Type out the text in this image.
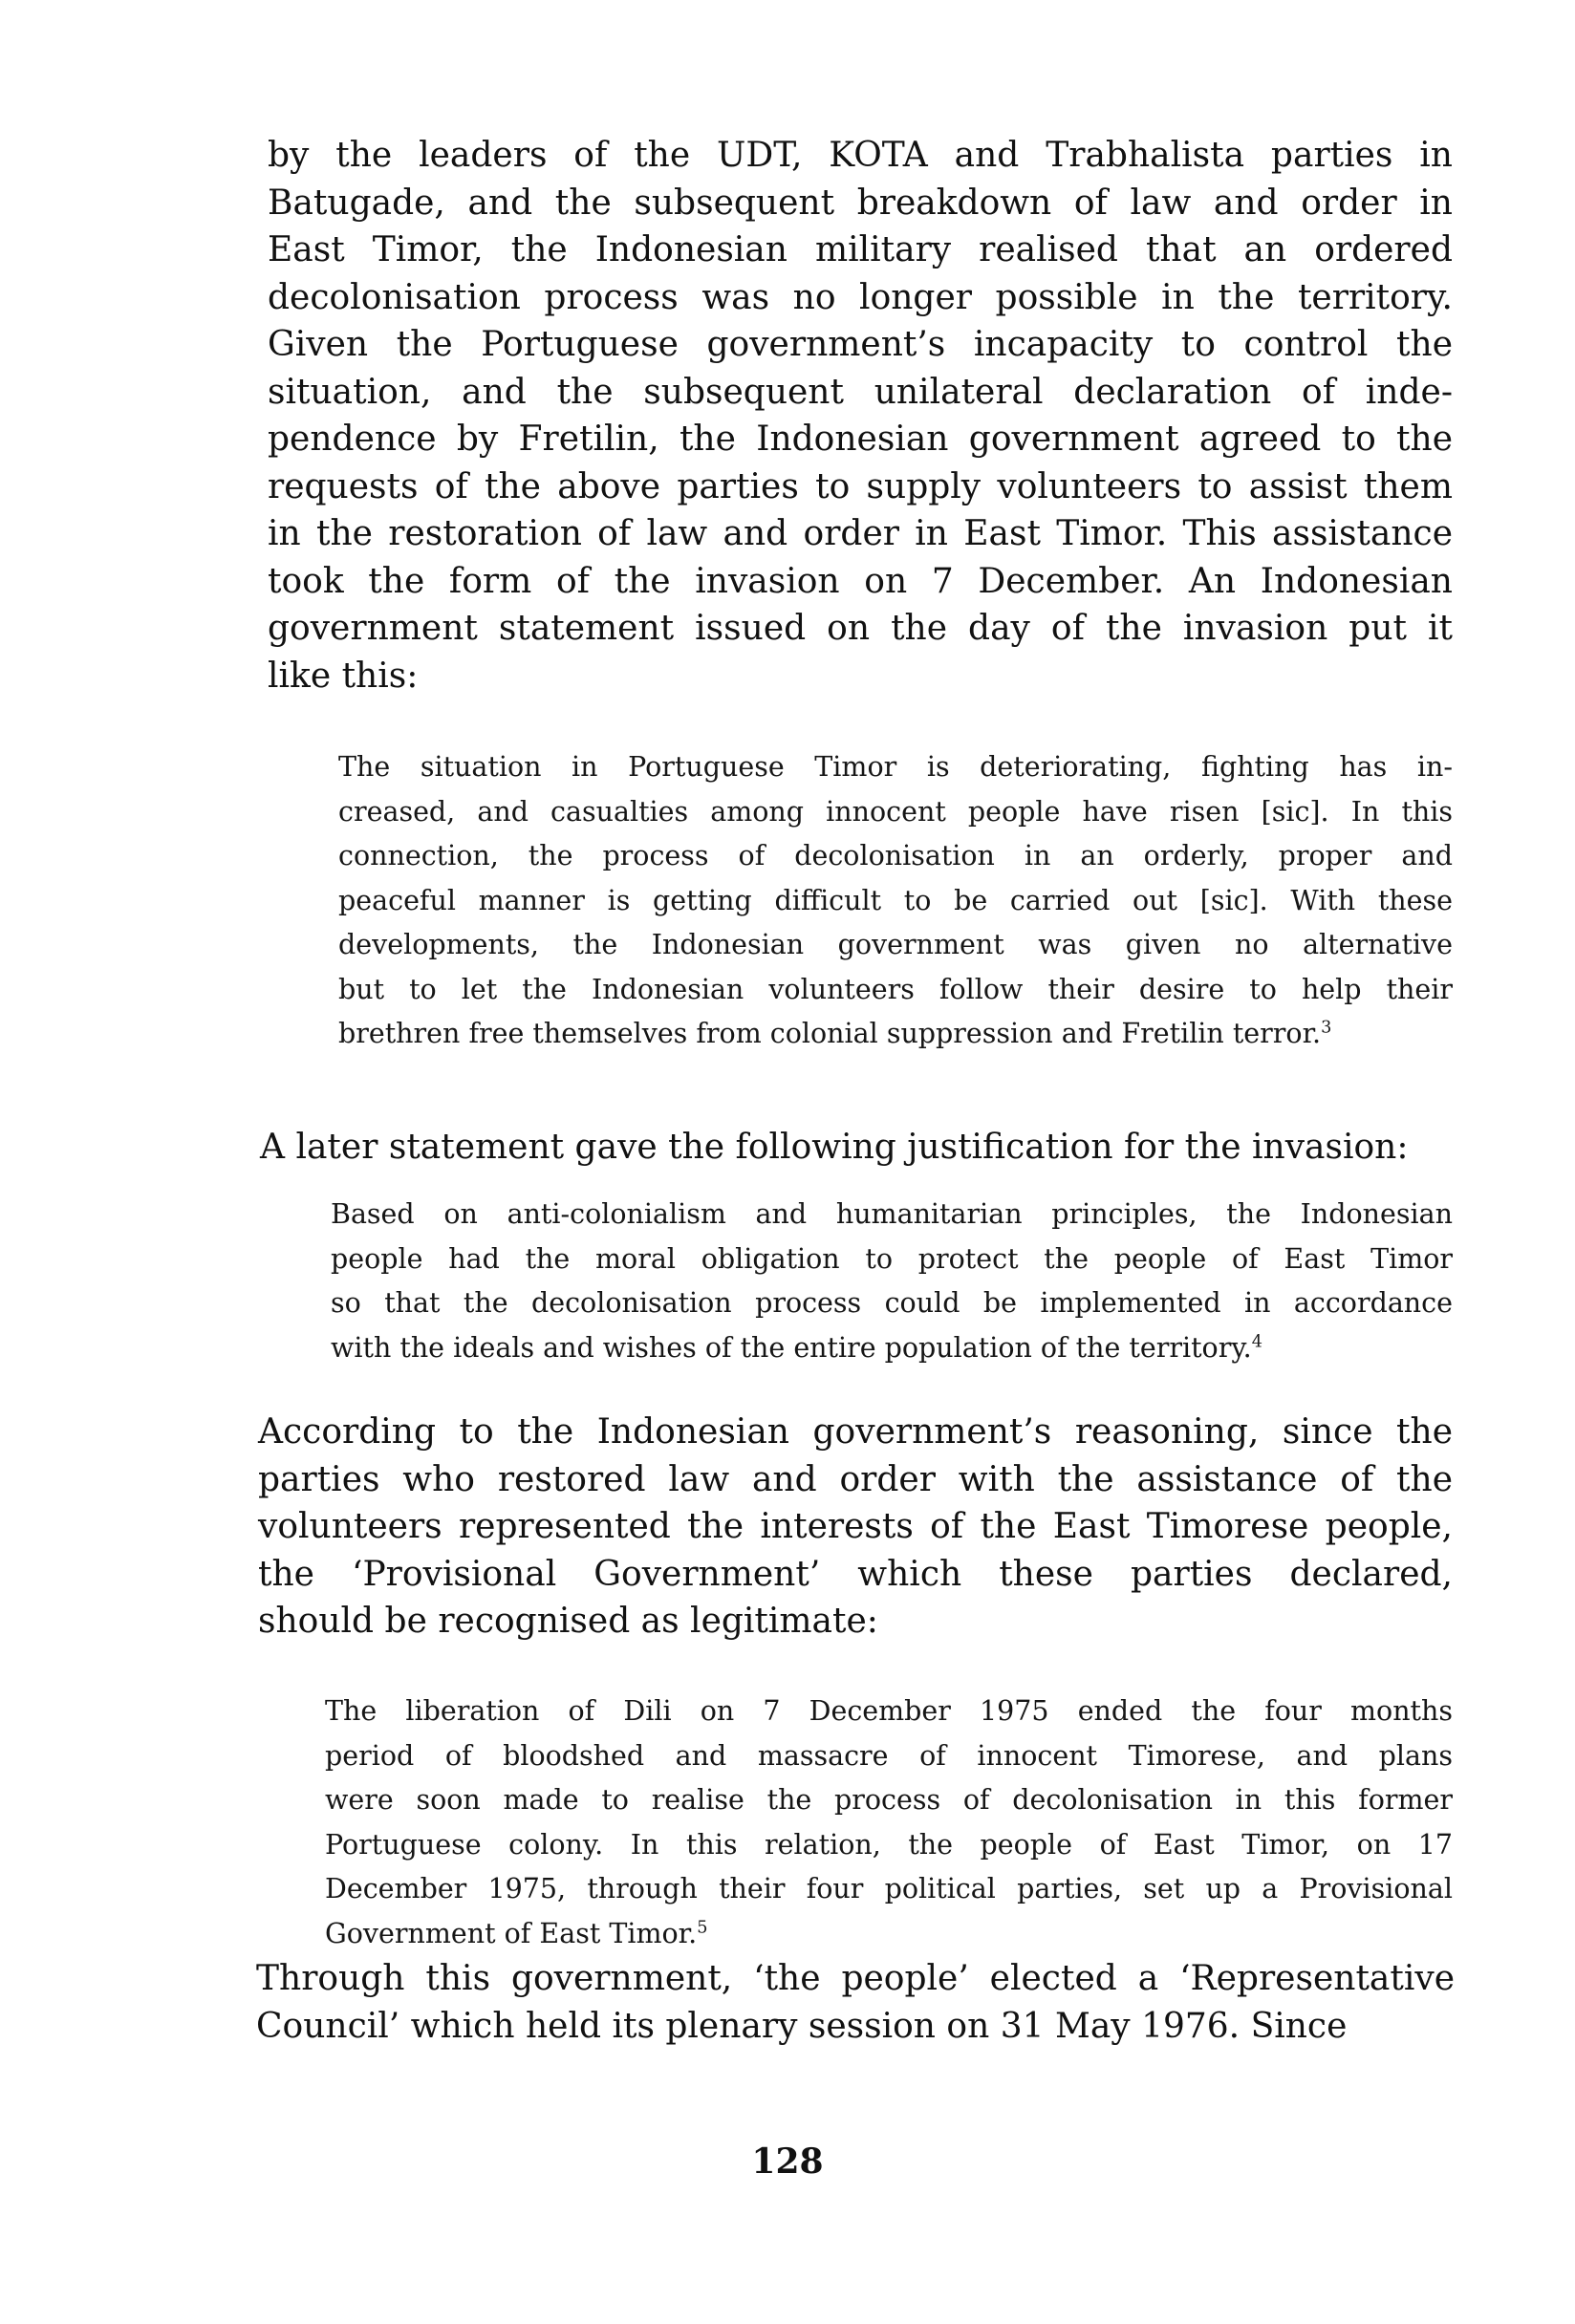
by the leaders of the UDT, KOTA and Trabhalista parties in
Batugade, and the subsequent breakdown of law and order in
East Timor, the Indonesian military realised that an ordered
decolonisation process was no longer possible in the territory.
Given the Portuguese government’s incapacity to control the
situation, and the subsequent unilateral declaration of inde-
pendence by Fretilin, the Indonesian government agreed to the
requests of the above parties to supply volunteers to assist them
in the restoration of law and order in East Timor. This assistance
took the form of the invasion on 7 December. An Indonesian
government statement issued on the day of the invasion put it
like this:
The situation in Portuguese Timor is deteriorating, fighting has in-
creased, and casualties among innocent people have risen [sic]. In this
connection, the process of decolonisation in an orderly, proper and
peaceful manner is getting difficult to be carried out [sic]. With these
developments, the Indonesian government was given no alternative
but to let the Indonesian volunteers follow their desire to help their
brethren free themselves from colonial suppression and Fretilin terror.$^3$
A later statement gave the following justification for the invasion:
Based on anti-colonialism and humanitarian principles, the Indonesian
people had the moral obligation to protect the people of East Timor
so that the decolonisation process could be implemented in accordance
with the ideals and wishes of the entire population of the territory.$^4$
According to the Indonesian government’s reasoning, since the
parties who restored law and order with the assistance of the
volunteers represented the interests of the East Timorese people,
the ‘Provisional Government’ which these parties declared,
should be recognised as legitimate:
The liberation of Dili on 7 December 1975 ended the four months
period of bloodshed and massacre of innocent Timorese, and plans
were soon made to realise the process of decolonisation in this former
Portuguese colony. In this relation, the people of East Timor, on 17
December 1975, through their four political parties, set up a Provisional
Government of East Timor.$^5$
Through this government, ‘the people’ elected a ‘Representative
Council’ which held its plenary session on 31 May 1976. Since

128
